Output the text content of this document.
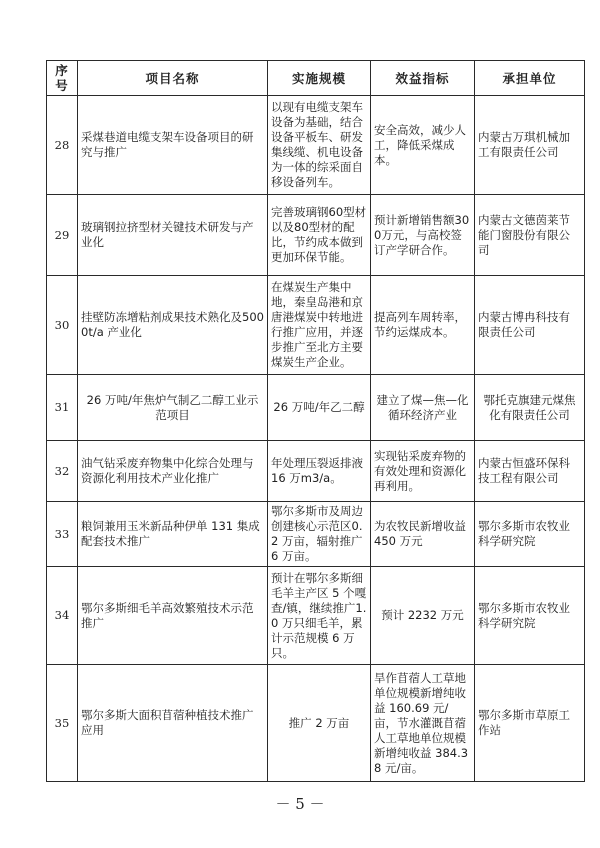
序号	项目名称	实施规模	效益指标	承担单位
28	采煤巷道电缆支架车设备项目的研究与推广	以现有电缆支架车设备为基础，结合设备平板车、研发集线缆、机电设备为一体的综采面自移设备列车。	安全高效，减少人工，降低采煤成本。	内蒙古万琪机械加工有限责任公司
29	玻璃钢拉挤型材关键技术研发与产业化	完善玻璃钢60型材以及80型材的配比，节约成本做到更加环保节能。	预计新增销售额300万元，与高校签订产学研合作。	内蒙古文德茵莱节能门窗股份有限公司
30	挂壁防冻增粘剂成果技术熟化及5000t/a 产业化	在煤炭生产集中地，秦皇岛港和京唐港煤炭中转地进行推广应用，并逐步推广至北方主要煤炭生产企业。	提高列车周转率，节约运煤成本。	内蒙古博冉科技有限责任公司
31	26 万吨/年焦炉气制乙二醇工业示范项目	26 万吨/年乙二醇	建立了煤—焦—化循环经济产业	鄂托克旗建元煤焦化有限责任公司
32	油气钻采废弃物集中化综合处理与资源化利用技术产业化推广	年处理压裂返排液16 万m3/a。	实现钻采废弃物的有效处理和资源化再利用。	内蒙古恒盛环保科技工程有限公司
33	粮饲兼用玉米新品种伊单 131 集成配套技术推广	鄂尔多斯市及周边创建核心示范区0.2 万亩，辐射推广6 万亩。	为农牧民新增收益450 万元	鄂尔多斯市农牧业科学研究院
34	鄂尔多斯细毛羊高效繁殖技术示范推广	预计在鄂尔多斯细毛羊主产区 5 个嘎查/镇，继续推广1.0 万只细毛羊，累计示范规模 6 万只。	预计 2232 万元	鄂尔多斯市农牧业科学研究院
35	鄂尔多斯大面积苜蓿种植技术推广应用	推广 2 万亩	旱作苜蓿人工草地单位规模新增纯收益 160.69 元/亩，节水灌溉苜蓿人工草地单位规模新增纯收益 384.38 元/亩。	鄂尔多斯市草原工作站
－ 5 －
